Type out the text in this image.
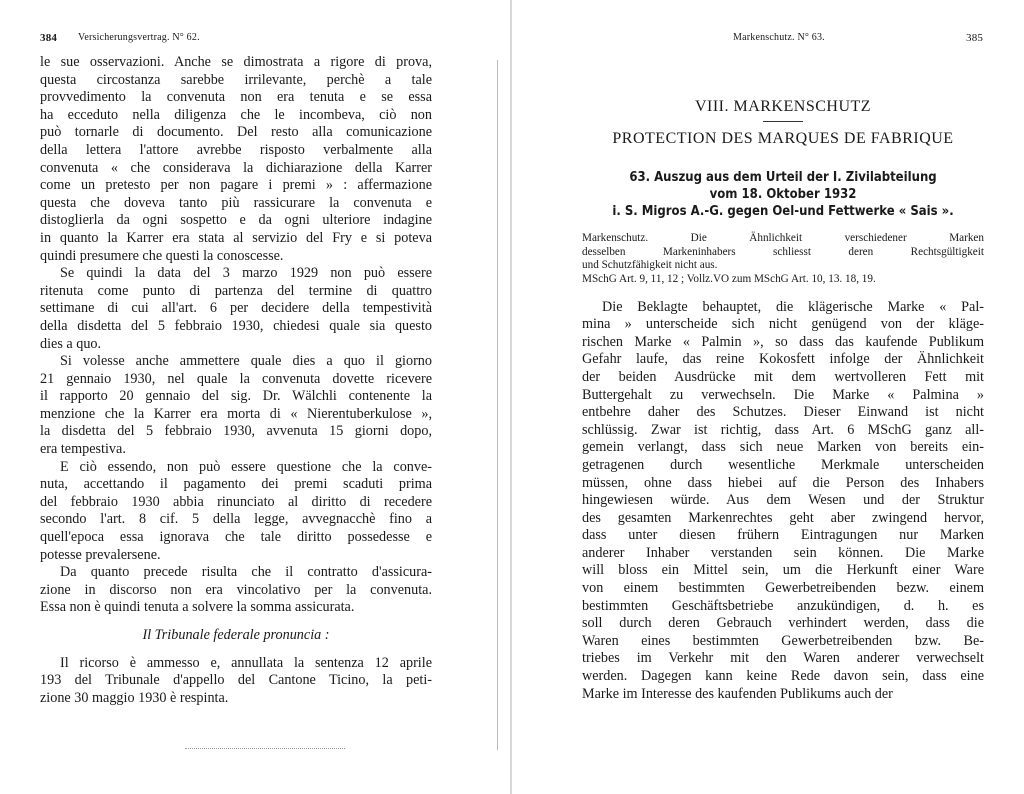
384 Versicherungsvertrag. N° 62.
le sue osservazioni. Anche se dimostrata a rigore di prova,
questa circostanza sarebbe irrilevante, perchè a tale
provvedimento la convenuta non era tenuta e se essa
ha ecceduto nella diligenza che le incombeva, ciò non
può tornarle di documento. Del resto alla comunicazione
della lettera l'attore avrebbe risposto verbalmente alla
convenuta « che considerava la dichiarazione della Karrer
come un pretesto per non pagare i premi » : affermazione
questa che doveva tanto più rassicurare la convenuta e
distoglierla da ogni sospetto e da ogni ulteriore indagine
in quanto la Karrer era stata al servizio del Fry e si poteva
quindi presumere che questi la conoscesse.
Se quindi la data del 3 marzo 1929 non può essere
ritenuta come punto di partenza del termine di quattro
settimane di cui all'art. 6 per decidere della tempestività
della disdetta del 5 febbraio 1930, chiedesi quale sia questo
dies a quo.
Si volesse anche ammettere quale dies a quo il giorno
21 gennaio 1930, nel quale la convenuta dovette ricevere
il rapporto 20 gennaio del sig. Dr. Wälchli contenente la
menzione che la Karrer era morta di « Nierentuberkulose »,
la disdetta del 5 febbraio 1930, avvenuta 15 giorni dopo,
era tempestiva.
E ciò essendo, non può essere questione che la conve-
nuta, accettando il pagamento dei premi scaduti prima
del febbraio 1930 abbia rinunciato al diritto di recedere
secondo l'art. 8 cif. 5 della legge, avvegnacchè fino a
quell'epoca essa ignorava che tale diritto possedesse e
potesse prevalersene.
Da quanto precede risulta che il contratto d'assicura-
zione in discorso non era vincolativo per la convenuta.
Essa non è quindi tenuta a solvere la somma assicurata.
Il Tribunale federale pronuncia :
Il ricorso è ammesso e, annullata la sentenza 12 aprile
193 del Tribunale d'appello del Cantone Ticino, la peti-
zione 30 maggio 1930 è respinta.
Markenschutz. N° 63.	385
VIII. MARKENSCHUTZ
PROTECTION DES MARQUES DE FABRIQUE
63. Auszug aus dem Urteil der I. Zivilabteilung
vom 18. Oktober 1932
i. S. Migros A.-G. gegen Oel-und Fettwerke « Sais ».
Markenschutz. Die Ähnlichkeit verschiedener Marken
desselben Markeninhabers schliesst deren Rechtsgültigkeit
und Schutzfähigkeit nicht aus.
MSchG Art. 9, 11, 12 ; Vollz.VO zum MSchG Art. 10, 13. 18, 19.
Die Beklagte behauptet, die klägerische Marke « Pal-
mina » unterscheide sich nicht genügend von der kläge-
rischen Marke « Palmin », so dass das kaufende Publikum
Gefahr laufe, das reine Kokosfett infolge der Ähnlichkeit
der beiden Ausdrücke mit dem wertvolleren Fett mit
Buttergehalt zu verwechseln. Die Marke « Palmina »
entbehre daher des Schutzes. Dieser Einwand ist nicht
schlüssig. Zwar ist richtig, dass Art. 6 MSchG ganz all-
gemein verlangt, dass sich neue Marken von bereits ein-
getragenen durch wesentliche Merkmale unterscheiden
müssen, ohne dass hiebei auf die Person des Inhabers
hingewiesen würde. Aus dem Wesen und der Struktur
des gesamten Markenrechtes geht aber zwingend hervor,
dass unter diesen frühern Eintragungen nur Marken
anderer Inhaber verstanden sein können. Die Marke
will bloss ein Mittel sein, um die Herkunft einer Ware
von einem bestimmten Gewerbetreibenden bezw. einem
bestimmten Geschäftsbetriebe anzukündigen, d. h. es
soll durch deren Gebrauch verhindert werden, dass die
Waren eines bestimmten Gewerbetreibenden bzw. Be-
triebes im Verkehr mit den Waren anderer verwechselt
werden. Dagegen kann keine Rede davon sein, dass eine
Marke im Interesse des kaufenden Publikums auch der
